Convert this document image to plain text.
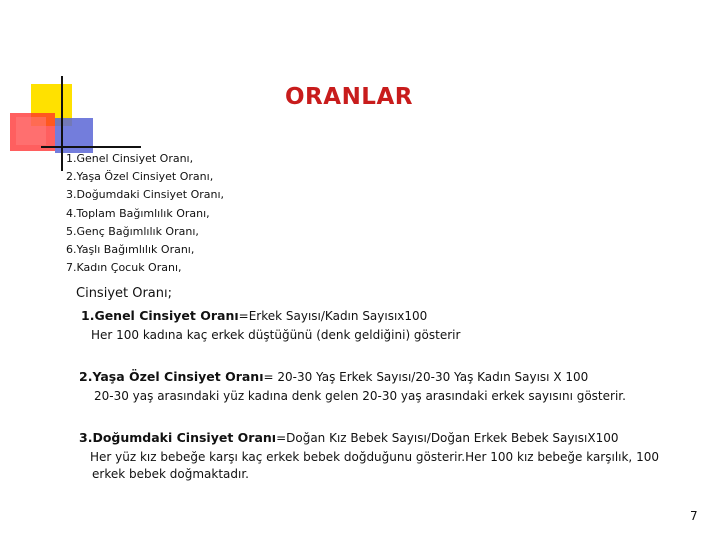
ORANLAR
1.Genel Cinsiyet Oranı,
2.Yaşa Özel Cinsiyet Oranı,
3.Doğumdaki Cinsiyet Oranı,
4.Toplam Bağımlılık Oranı,
5.Genç Bağımlılık Oranı,
6.Yaşlı Bağımlılık Oranı,
7.Kadın Çocuk Oranı,
Cinsiyet Oranı;
1.Genel Cinsiyet Oranı=Erkek Sayısı/Kadın Sayısıx100
Her 100 kadına kaç erkek düştüğünü (denk geldiğini) gösterir
2.Yaşa Özel Cinsiyet Oranı= 20-30 Yaş Erkek Sayısı/20-30 Yaş Kadın Sayısı X 100
20-30 yaş arasındaki yüz kadına denk gelen 20-30 yaş arasındaki erkek sayısını gösterir.
3.Doğumdaki Cinsiyet Oranı=Doğan Kız Bebek Sayısı/Doğan Erkek Bebek SayısıX100
Her yüz kız bebeğe karşı kaç erkek bebek doğduğunu gösterir.Her 100 kız bebeğe karşılık, 100
erkek bebek doğmaktadır.
7
